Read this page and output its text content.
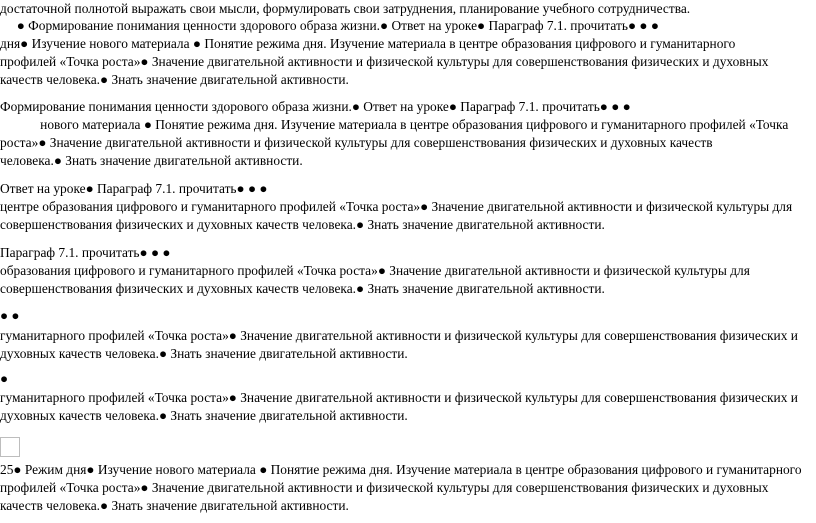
достаточной полнотой выражать свои мысли, формулировать свои затруднения, планирование учебного сотрудничества.
● Формирование понимания ценности здорового образа жизни.● Ответ на уроке● Параграф 7.1. прочитать● ● ●
дня● Изучение нового материала ● Понятие режима дня. Изучение материала в центре образования цифрового и гуманитарного
профилей «Точка роста»● Значение двигательной активности и физической культуры для совершенствования физических и духовных
качеств человека.● Знать значение двигательной активности.
Формирование понимания ценности здорового образа жизни.● Ответ на уроке● Параграф 7.1. прочитать● ● ●
нового материала ● Понятие режима дня. Изучение материала в центре образования цифрового и гуманитарного профилей «Точка
роста»● Значение двигательной активности и физической культуры для совершенствования физических и духовных качеств
человека.● Знать значение двигательной активности.
Ответ на уроке● Параграф 7.1. прочитать● ● ●
центре образования цифрового и гуманитарного профилей «Точка роста»● Значение двигательной активности и физической культуры для
совершенствования физических и духовных качеств человека.● Знать значение двигательной активности.
Параграф 7.1. прочитать● ● ●
образования цифрового и гуманитарного профилей «Точка роста»● Значение двигательной активности и физической культуры для
совершенствования физических и духовных качеств человека.● Знать значение двигательной активности.
● ●
гуманитарного профилей «Точка роста»● Значение двигательной активности и физической культуры для совершенствования физических и
духовных качеств человека.● Знать значение двигательной активности.
●
гуманитарного профилей «Точка роста»● Значение двигательной активности и физической культуры для совершенствования физических и
духовных качеств человека.● Знать значение двигательной активности.
25● Режим дня● Изучение нового материала ● Понятие режима дня. Изучение материала в центре образования цифрового и гуманитарного
профилей «Точка роста»● Значение двигательной активности и физической культуры для совершенствования физических и духовных
качеств человека.● Знать значение двигательной активности.
